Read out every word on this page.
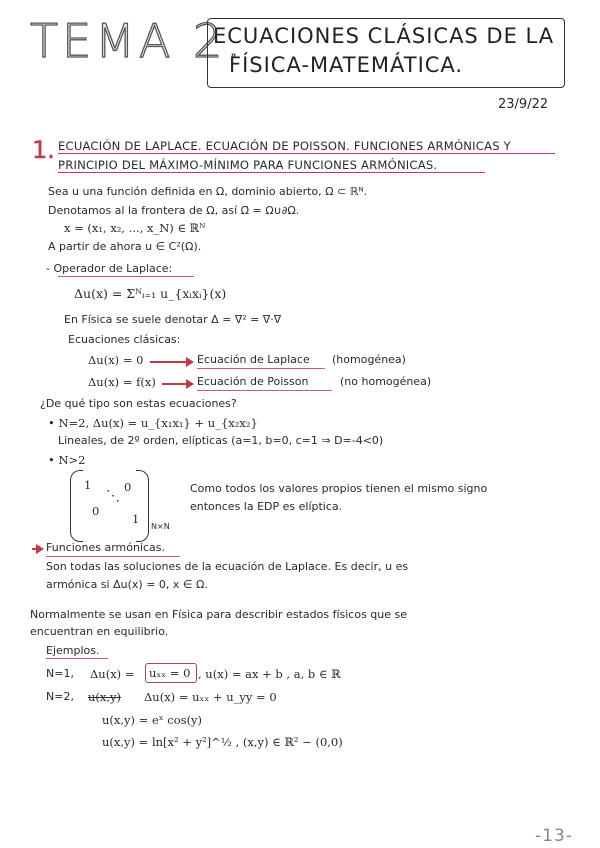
TEMA 2.
ECUACIONES CLÁSICAS DE LA
FÍSICA-MATEMÁTICA.
23/9/22
1. ECUACIÓN DE LAPLACE. ECUACIÓN DE POISSON. FUNCIONES ARMÓNICAS Y
PRINCIPIO DEL MÁXIMO-MÍNIMO PARA FUNCIONES ARMÓNICAS.
Sea u una función definida en Ω, dominio abierto, Ω ⊂ ℝᴺ.
Denotamos al la frontera de Ω, así Ω̄ = Ω∪∂Ω.
x = (x₁, x₂, ..., x_N) ∈ ℝᴺ
A partir de ahora u ∈ C²(Ω).
- Operador de Laplace:
Δu(x) = Σᴺᵢ₌₁ u_{xᵢxᵢ}(x)
En Física se suele denotar Δ = ∇² = ∇·∇
Ecuaciones clásicas:
Δu(x) = 0	Ecuación de Laplace (homogénea)
Δu(x) = f(x)	Ecuación de Poisson	(no homogénea)
¿De qué tipo son estas ecuaciones?
• N=2, Δu(x) = u_{x₁x₁} + u_{x₂x₂}
Lineales, de 2º orden, elípticas (a=1, b=0, c=1 ⇒ D=-4<0)
• N>2
1	0
⋱
0
1
N×N
Como todos los valores propios tienen el mismo signo
entonces la EDP es elíptica.
Funciones armónicas.
Son todas las soluciones de la ecuación de Laplace. Es decir, u es
armónica si Δu(x) = 0, x ∈ Ω.
Normalmente se usan en Física para describir estados físicos que se
encuentran en equilibrio.
Ejemplos.
N=1, Δu(x) = uₓₓ = 0 , u(x) = ax + b , a, b ∈ ℝ
N=2, u(x,y) Δu(x) = uₓₓ + u_yy = 0
u(x,y) = eˣ cos(y)
u(x,y) = ln[x² + y²]^½ , (x,y) ∈ ℝ² − (0,0)
-13-
